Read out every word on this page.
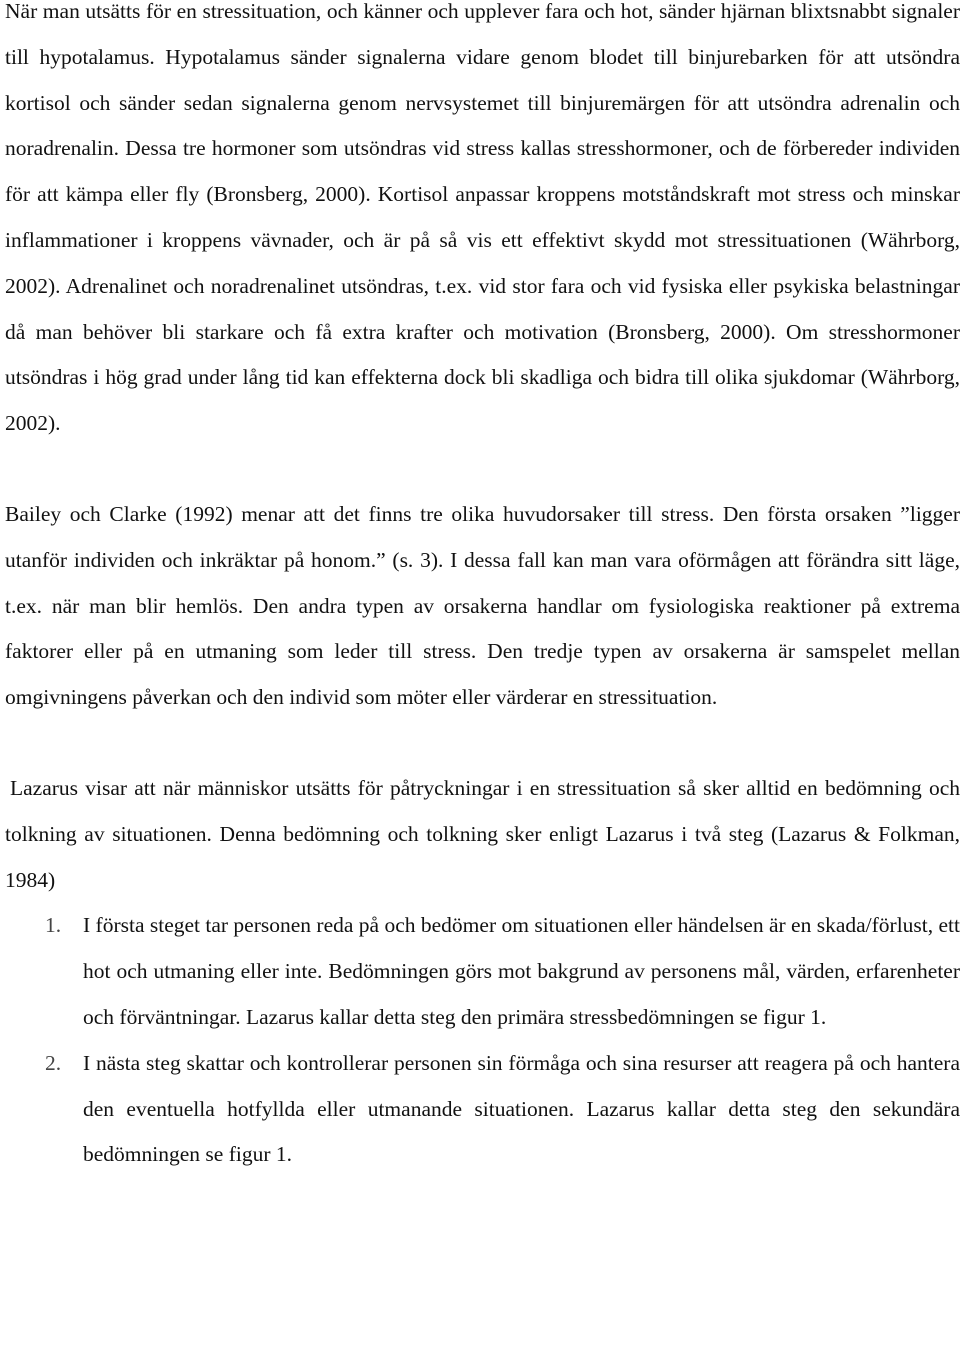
När man utsätts för en stressituation, och känner och upplever fara och hot, sänder hjärnan blixtsnabbt signaler till hypotalamus. Hypotalamus sänder signalerna vidare genom blodet till binjurebarken för att utsöndra kortisol och sänder sedan signalerna genom nervsystemet till binjuremärgen för att utsöndra adrenalin och noradrenalin. Dessa tre hormoner som utsöndras vid stress kallas stresshormoner, och de förbereder individen för att kämpa eller fly (Bronsberg, 2000). Kortisol anpassar kroppens motståndskraft mot stress och minskar inflammationer i kroppens vävnader, och är på så vis ett effektivt skydd mot stressituationen (Währborg, 2002). Adrenalinet och noradrenalinet utsöndras, t.ex. vid stor fara och vid fysiska eller psykiska belastningar då man behöver bli starkare och få extra krafter och motivation (Bronsberg, 2000). Om stresshormoner utsöndras i hög grad under lång tid kan effekterna dock bli skadliga och bidra till olika sjukdomar (Währborg, 2002).

Bailey och Clarke (1992) menar att det finns tre olika huvudorsaker till stress. Den första orsaken ”ligger utanför individen och inkräktar på honom.” (s. 3). I dessa fall kan man vara oförmågen att förändra sitt läge, t.ex. när man blir hemlös. Den andra typen av orsakerna handlar om fysiologiska reaktioner på extrema faktorer eller på en utmaning som leder till stress. Den tredje typen av orsakerna är samspelet mellan omgivningens påverkan och den individ som möter eller värderar en stressituation.

Lazarus visar att när människor utsätts för påtryckningar i en stressituation så sker alltid en bedömning och tolkning av situationen. Denna bedömning och tolkning sker enligt Lazarus i två steg (Lazarus & Folkman, 1984)

1. I första steget tar personen reda på och bedömer om situationen eller händelsen är en skada/förlust, ett hot och utmaning eller inte. Bedömningen görs mot bakgrund av personens mål, värden, erfarenheter och förväntningar. Lazarus kallar detta steg den primära stressbedömningen se figur 1.
2. I nästa steg skattar och kontrollerar personen sin förmåga och sina resurser att reagera på och hantera den eventuella hotfyllda eller utmanande situationen. Lazarus kallar detta steg den sekundära bedömningen se figur 1.
